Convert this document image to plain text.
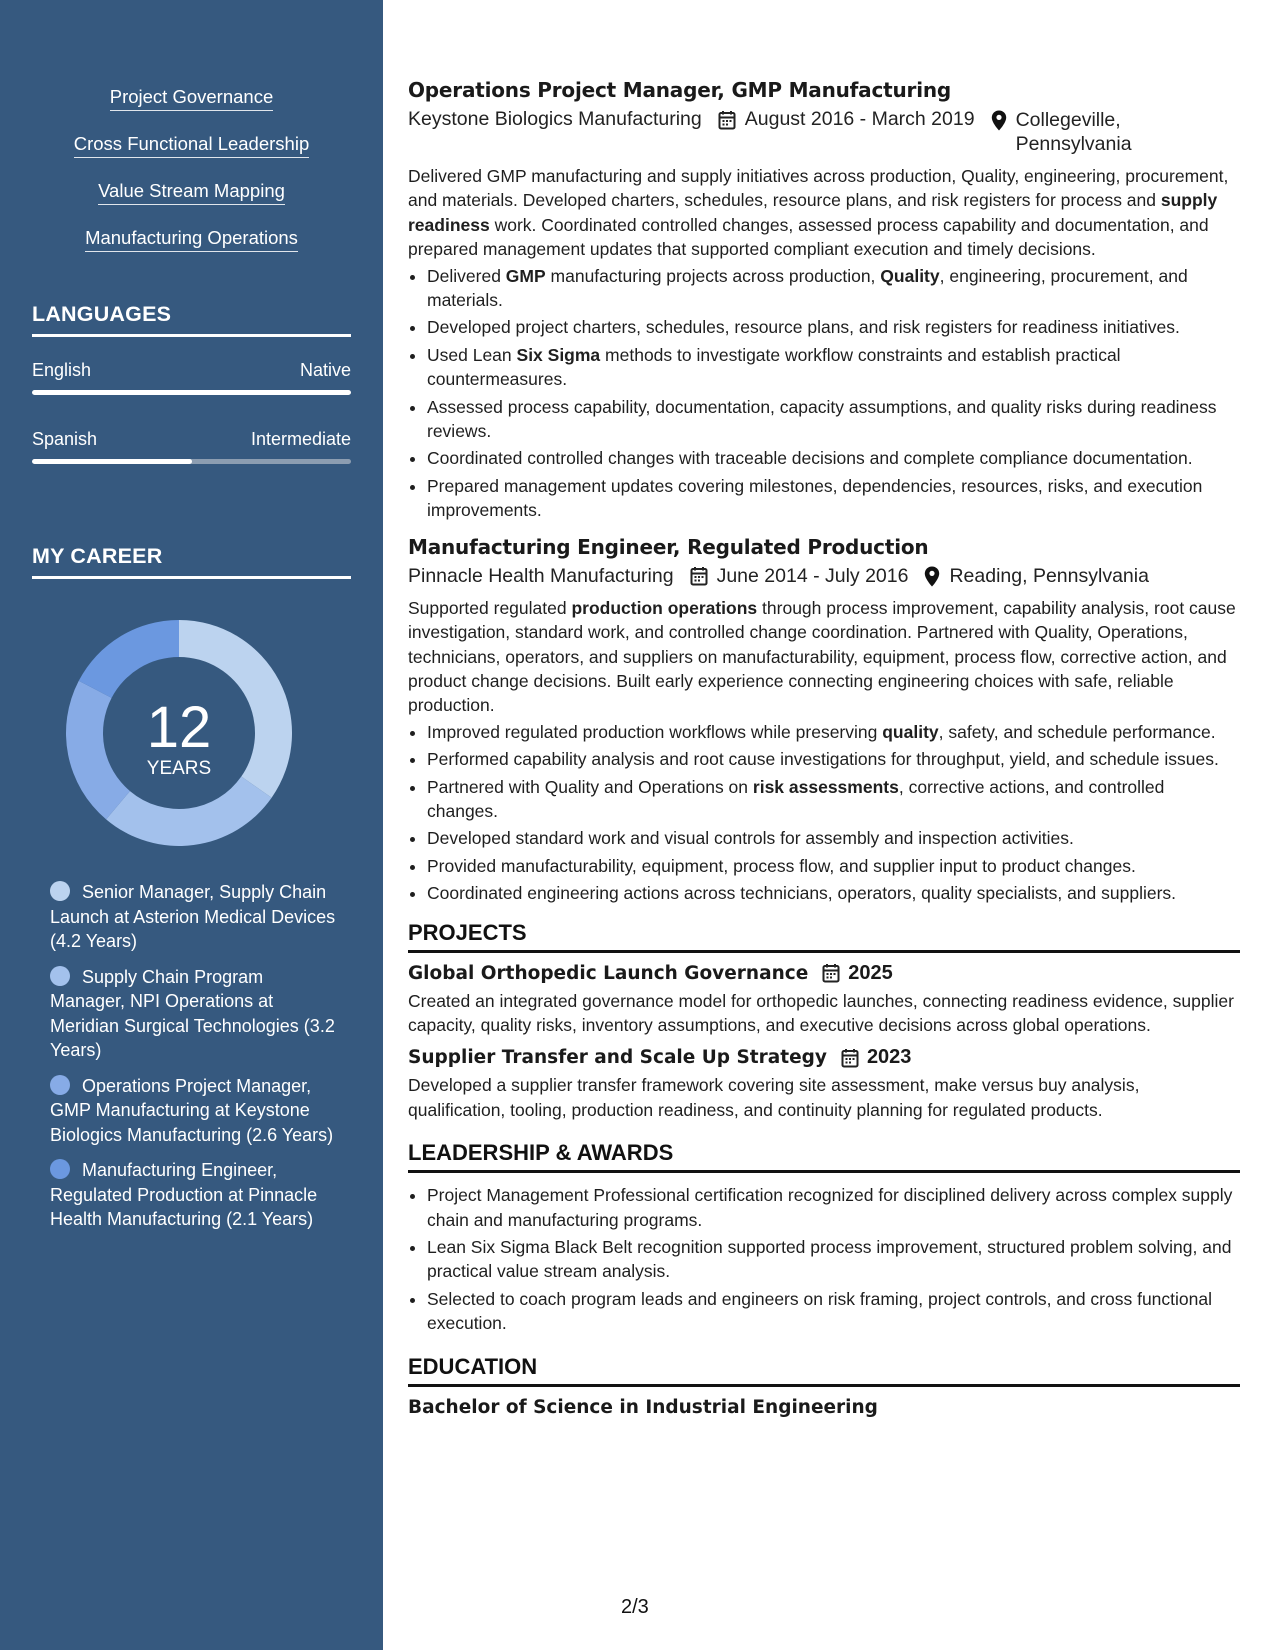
Project Governance
Cross Functional Leadership
Value Stream Mapping
Manufacturing Operations
LANGUAGES
English	Native
Spanish	Intermediate
MY CAREER
12
YEARS
Senior Manager, Supply Chain Launch at Asterion Medical Devices (4.2 Years)
Supply Chain Program Manager, NPI Operations at Meridian Surgical Technologies (3.2 Years)
Operations Project Manager, GMP Manufacturing at Keystone Biologics Manufacturing (2.6 Years)
Manufacturing Engineer, Regulated Production at Pinnacle Health Manufacturing (2.1 Years)
Operations Project Manager, GMP Manufacturing
Keystone Biologics Manufacturing August 2016 - March 2019 Collegeville,
Pennsylvania
Delivered GMP manufacturing and supply initiatives across production, Quality, engineering, procurement, and materials. Developed charters, schedules, resource plans, and risk registers for process and supply readiness work. Coordinated controlled changes, assessed process capability and documentation, and prepared management updates that supported compliant execution and timely decisions.
• Delivered GMP manufacturing projects across production, Quality, engineering, procurement, and materials.
• Developed project charters, schedules, resource plans, and risk registers for readiness initiatives.
• Used Lean Six Sigma methods to investigate workflow constraints and establish practical countermeasures.
• Assessed process capability, documentation, capacity assumptions, and quality risks during readiness reviews.
• Coordinated controlled changes with traceable decisions and complete compliance documentation.
• Prepared management updates covering milestones, dependencies, resources, risks, and execution improvements.
Manufacturing Engineer, Regulated Production
Pinnacle Health Manufacturing June 2014 - July 2016 Reading, Pennsylvania
Supported regulated production operations through process improvement, capability analysis, root cause investigation, standard work, and controlled change coordination. Partnered with Quality, Operations, technicians, operators, and suppliers on manufacturability, equipment, process flow, corrective action, and product change decisions. Built early experience connecting engineering choices with safe, reliable production.
• Improved regulated production workflows while preserving quality, safety, and schedule performance.
• Performed capability analysis and root cause investigations for throughput, yield, and schedule issues.
• Partnered with Quality and Operations on risk assessments, corrective actions, and controlled changes.
• Developed standard work and visual controls for assembly and inspection activities.
• Provided manufacturability, equipment, process flow, and supplier input to product changes.
• Coordinated engineering actions across technicians, operators, quality specialists, and suppliers.
PROJECTS
Global Orthopedic Launch Governance 2025
Created an integrated governance model for orthopedic launches, connecting readiness evidence, supplier capacity, quality risks, inventory assumptions, and executive decisions across global operations.
Supplier Transfer and Scale Up Strategy 2023
Developed a supplier transfer framework covering site assessment, make versus buy analysis, qualification, tooling, production readiness, and continuity planning for regulated products.
LEADERSHIP & AWARDS
• Project Management Professional certification recognized for disciplined delivery across complex supply chain and manufacturing programs.
• Lean Six Sigma Black Belt recognition supported process improvement, structured problem solving, and practical value stream analysis.
• Selected to coach program leads and engineers on risk framing, project controls, and cross functional execution.
EDUCATION
Bachelor of Science in Industrial Engineering
2/3
